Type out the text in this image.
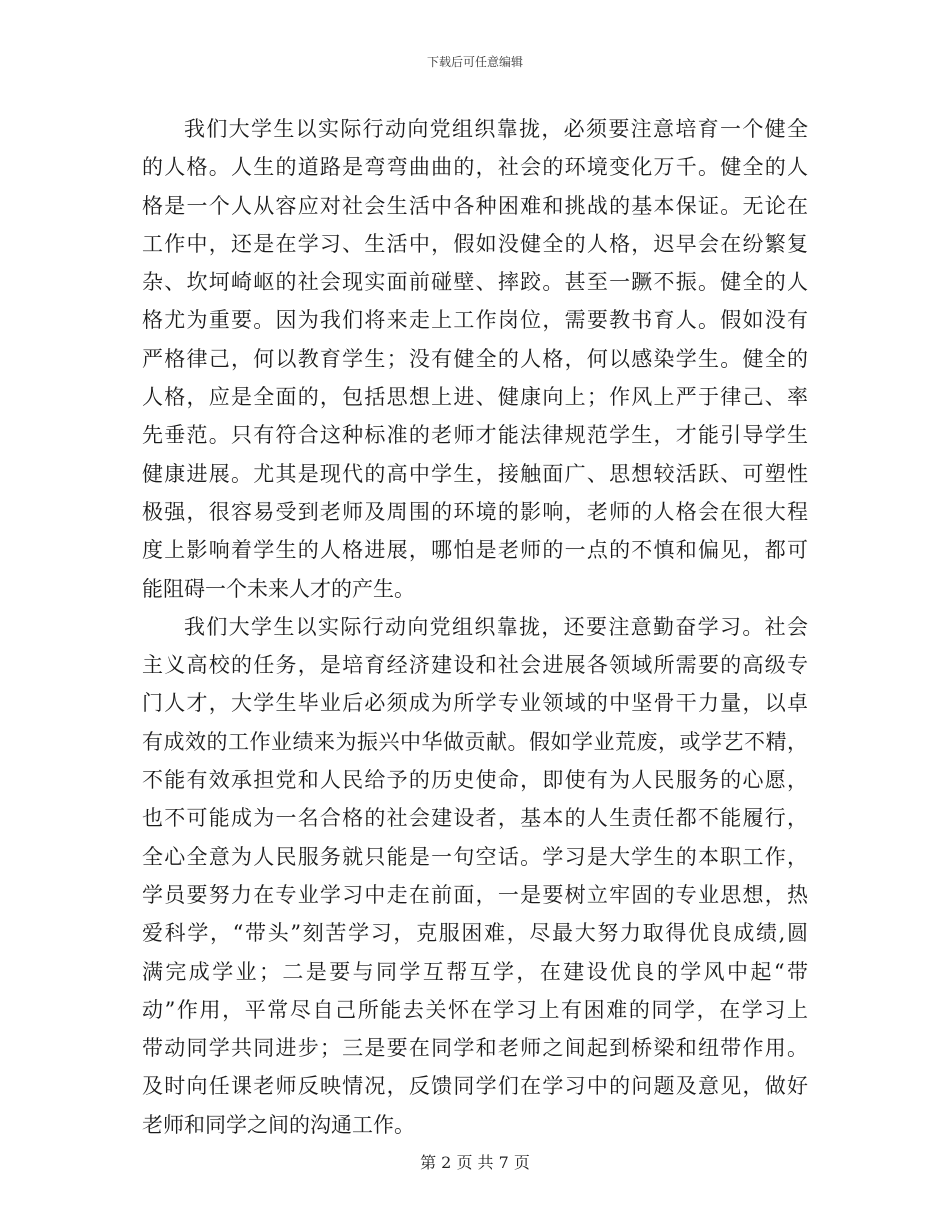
下载后可任意编辑
我们大学生以实际行动向党组织靠拢，必须要注意培育一个健全
的人格。人生的道路是弯弯曲曲的，社会的环境变化万千。健全的人
格是一个人从容应对社会生活中各种困难和挑战的基本保证。无论在
工作中，还是在学习、生活中，假如没健全的人格，迟早会在纷繁复
杂、坎坷崎岖的社会现实面前碰壁、摔跤。甚至一蹶不振。健全的人
格尤为重要。因为我们将来走上工作岗位，需要教书育人。假如没有
严格律己，何以教育学生；没有健全的人格，何以感染学生。健全的
人格，应是全面的，包括思想上进、健康向上；作风上严于律己、率
先垂范。只有符合这种标准的老师才能法律规范学生，才能引导学生
健康进展。尤其是现代的高中学生，接触面广、思想较活跃、可塑性
极强，很容易受到老师及周围的环境的影响，老师的人格会在很大程
度上影响着学生的人格进展，哪怕是老师的一点的不慎和偏见，都可
能阻碍一个未来人才的产生。
我们大学生以实际行动向党组织靠拢，还要注意勤奋学习。社会
主义高校的任务，是培育经济建设和社会进展各领域所需要的高级专
门人才，大学生毕业后必须成为所学专业领域的中坚骨干力量，以卓
有成效的工作业绩来为振兴中华做贡献。假如学业荒废，或学艺不精，
不能有效承担党和人民给予的历史使命，即使有为人民服务的心愿，
也不可能成为一名合格的社会建设者，基本的人生责任都不能履行，
全心全意为人民服务就只能是一句空话。学习是大学生的本职工作，
学员要努力在专业学习中走在前面，一是要树立牢固的专业思想，热
爱科学，“带头”刻苦学习，克服困难，尽最大努力取得优良成绩,圆
满完成学业；二是要与同学互帮互学，在建设优良的学风中起“带
动”作用，平常尽自己所能去关怀在学习上有困难的同学，在学习上
带动同学共同进步；三是要在同学和老师之间起到桥梁和纽带作用。
及时向任课老师反映情况，反馈同学们在学习中的问题及意见，做好
老师和同学之间的沟通工作。
第 2 页 共 7 页
